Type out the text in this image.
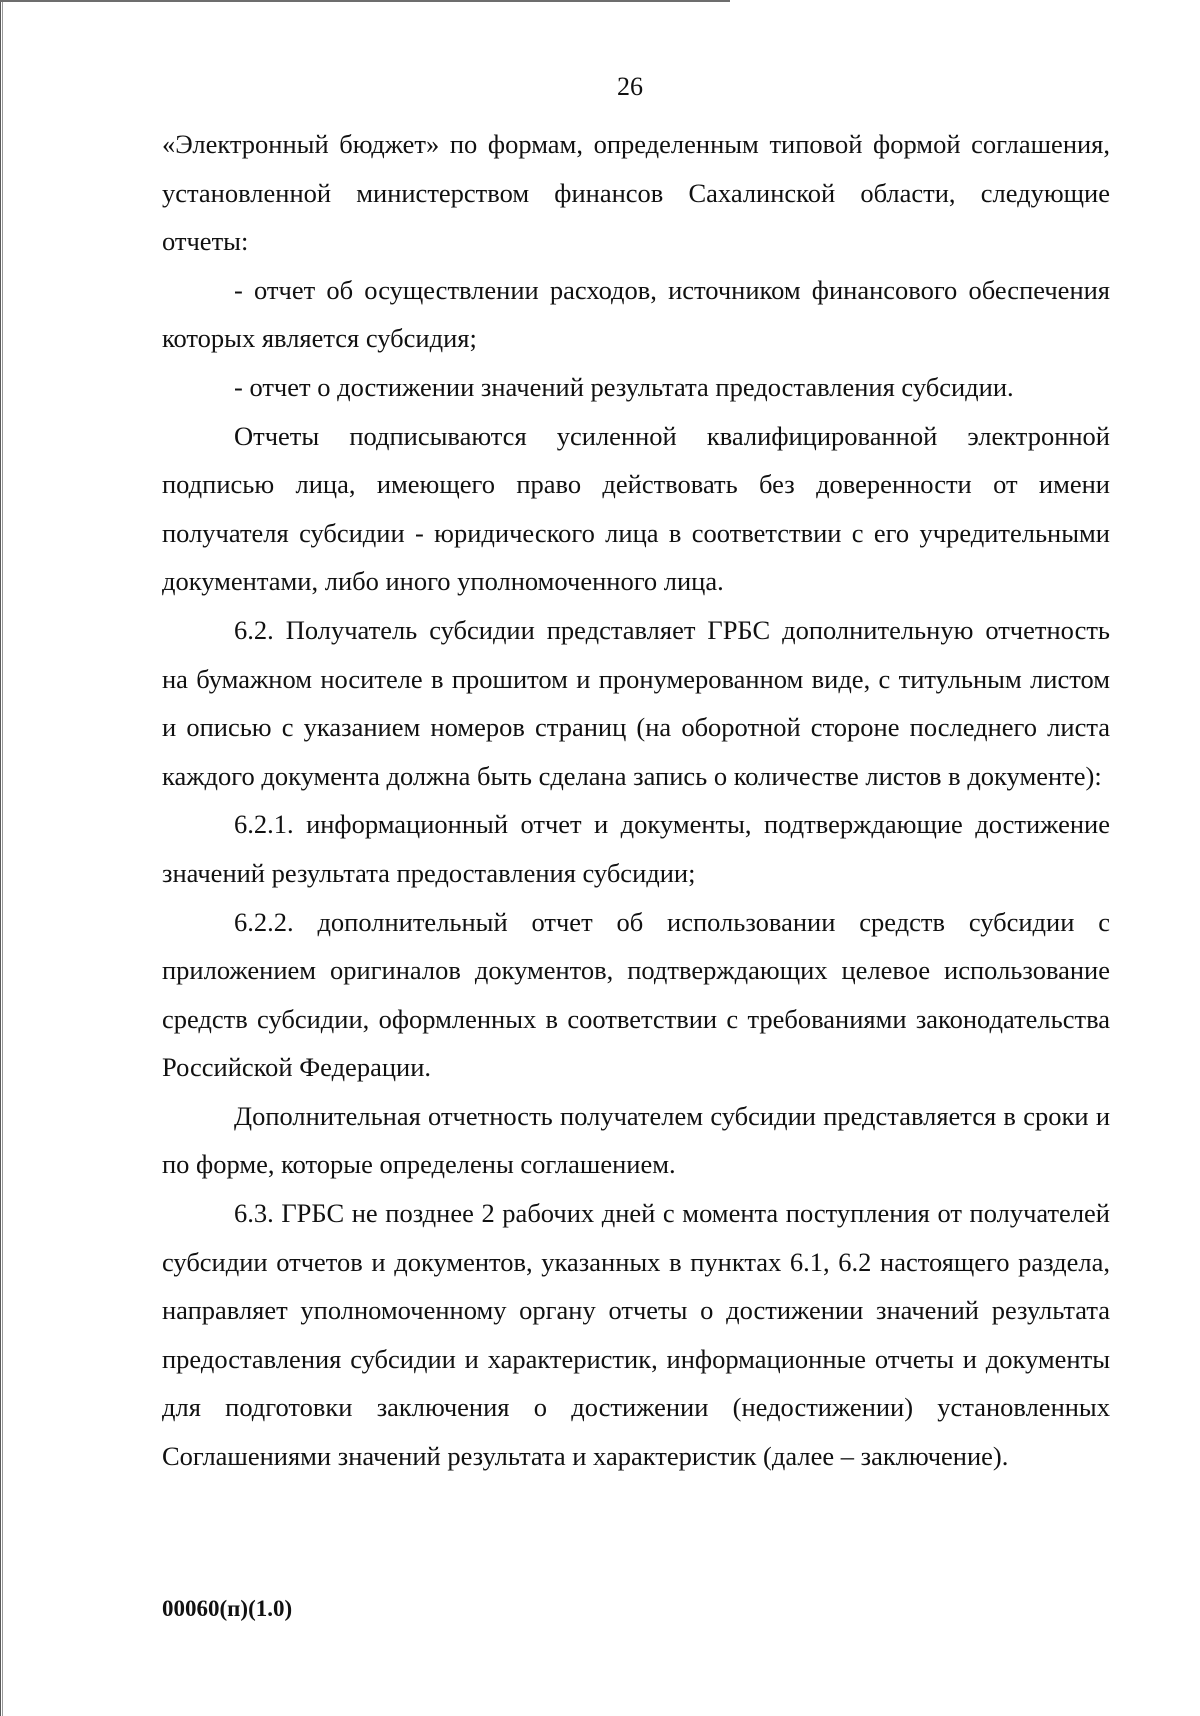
26

«Электронный бюджет» по формам, определенным типовой формой соглашения, установленной министерством финансов Сахалинской области, следующие отчеты:

- отчет об осуществлении расходов, источником финансового обеспечения которых является субсидия;

- отчет о достижении значений результата предоставления субсидии.

Отчеты подписываются усиленной квалифицированной электронной подписью лица, имеющего право действовать без доверенности от имени получателя субсидии - юридического лица в соответствии с его учредительными документами, либо иного уполномоченного лица.

6.2. Получатель субсидии представляет ГРБС дополнительную отчетность на бумажном носителе в прошитом и пронумерованном виде, с титульным листом и описью с указанием номеров страниц (на оборотной стороне последнего листа каждого документа должна быть сделана запись о количестве листов в документе):

6.2.1. информационный отчет и документы, подтверждающие достижение значений результата предоставления субсидии;

6.2.2. дополнительный отчет об использовании средств субсидии с приложением оригиналов документов, подтверждающих целевое использование средств субсидии, оформленных в соответствии с требованиями законодательства Российской Федерации.

Дополнительная отчетность получателем субсидии представляется в сроки и по форме, которые определены соглашением.

6.3. ГРБС не позднее 2 рабочих дней с момента поступления от получателей субсидии отчетов и документов, указанных в пунктах 6.1, 6.2 настоящего раздела, направляет уполномоченному органу отчеты о достижении значений результата предоставления субсидии и характеристик, информационные отчеты и документы для подготовки заключения о достижении (недостижении) установленных Соглашениями значений результата и характеристик (далее – заключение).

00060(п)(1.0)
